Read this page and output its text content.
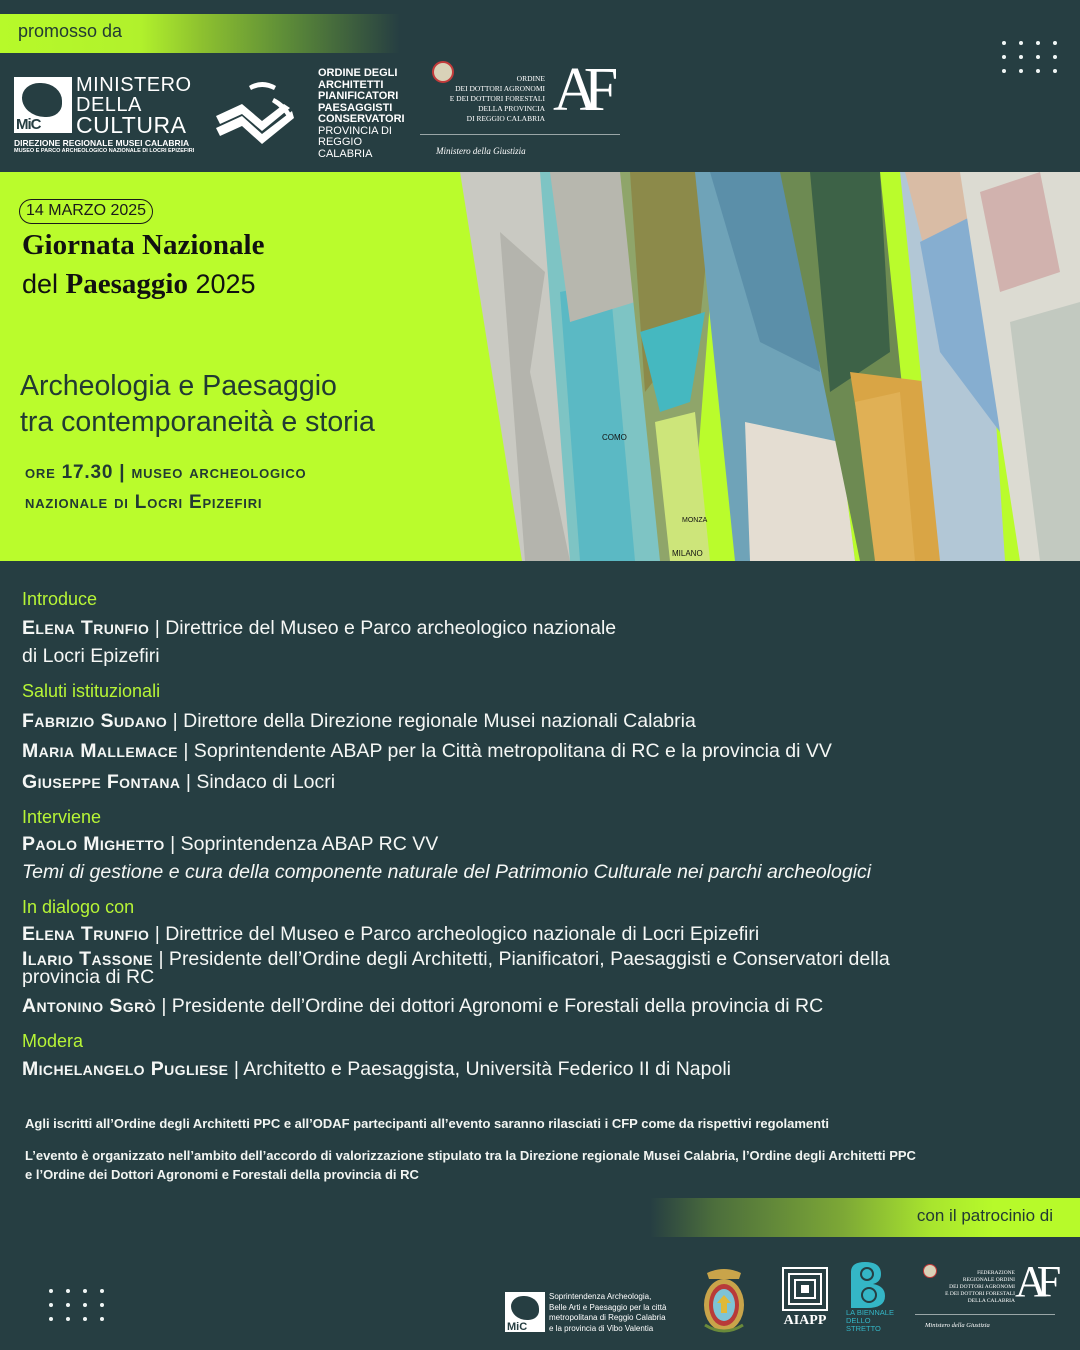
promosso da
MiC
MINISTERO
DELLA
CULTURA
DIREZIONE REGIONALE MUSEI CALABRIA
MUSEO E PARCO ARCHEOLOGICO NAZIONALE DI LOCRI EPIZEFIRI
ORDINE DEGLI
ARCHITETTI
PIANIFICATORI
PAESAGGISTI
CONSERVATORI
PROVINCIA DI
REGGIO CALABRIA
ORDINE
DEI DOTTORI AGRONOMI
E DEI DOTTORI FORESTALI
DELLA PROVINCIA
DI REGGIO CALABRIA AF
Ministero della Giustizia
COMO
MONZA
MILANO
14 MARZO 2025
Giornata Nazionale
del Paesaggio 2025
Archeologia e Paesaggio
tra contemporaneità e storia
ore 17.30 | museo archeologico
nazionale di Locri Epizefiri
Introduce
Elena Trunfio | Direttrice del Museo e Parco archeologico nazionale
di Locri Epizefiri
Saluti istituzionali
Fabrizio Sudano | Direttore della Direzione regionale Musei nazionali Calabria
Maria Mallemace | Soprintendente ABAP per la Città metropolitana di RC e la provincia di VV
Giuseppe Fontana | Sindaco di Locri
Interviene
Paolo Mighetto | Soprintendenza ABAP RC VV
Temi di gestione e cura della componente naturale del Patrimonio Culturale nei parchi archeologici
In dialogo con
Elena Trunfio | Direttrice del Museo e Parco archeologico nazionale di Locri Epizefiri
Ilario Tassone | Presidente dell’Ordine degli Architetti, Pianificatori, Paesaggisti e Conservatori della
provincia di RC
Antonino Sgrò | Presidente dell’Ordine dei dottori Agronomi e Forestali della provincia di RC
Modera
Michelangelo Pugliese | Architetto e Paesaggista, Università Federico II di Napoli
Agli iscritti all’Ordine degli Architetti PPC e all’ODAF partecipanti all’evento saranno rilasciati i CFP come da rispettivi regolamenti
L’evento è organizzato nell’ambito dell’accordo di valorizzazione stipulato tra la Direzione regionale Musei Calabria, l’Ordine degli Architetti PPC
e l’Ordine dei Dottori Agronomi e Forestali della provincia di RC
con il patrocinio di
MiC
Soprintendenza Archeologia,
Belle Arti e Paesaggio per la città
metropolitana di Reggio Calabria
e la provincia di Vibo Valentia	AIAPP
LA BIENNALE
DELLO
STRETTO
FEDERAZIONE
REGIONALE ORDINI
DEI DOTTORI AGRONOMI
E DEI DOTTORI FORESTALI
DELLA CALABRIA AF
Ministero della Giustizia
